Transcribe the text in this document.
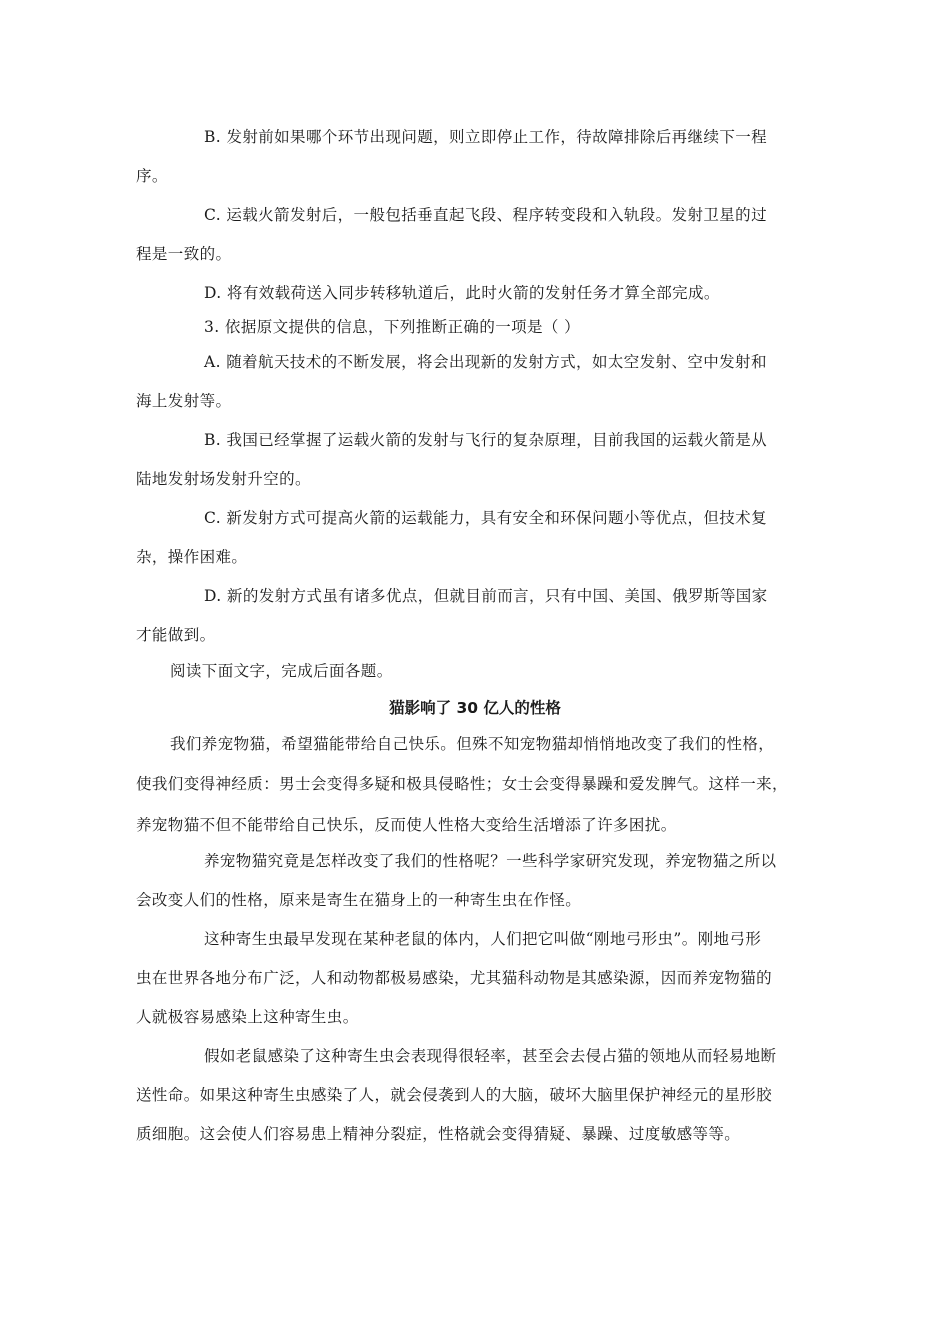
B. 发射前如果哪个环节出现问题，则立即停止工作，待故障排除后再继续下一程
序。
C. 运载火箭发射后，一般包括垂直起飞段、程序转变段和入轨段。发射卫星的过
程是一致的。
D. 将有效载荷送入同步转移轨道后，此时火箭的发射任务才算全部完成。
3. 依据原文提供的信息，下列推断正确的一项是（ ）
A. 随着航天技术的不断发展，将会出现新的发射方式，如太空发射、空中发射和
海上发射等。
B. 我国已经掌握了运载火箭的发射与飞行的复杂原理，目前我国的运载火箭是从
陆地发射场发射升空的。
C. 新发射方式可提高火箭的运载能力，具有安全和环保问题小等优点，但技术复
杂，操作困难。
D. 新的发射方式虽有诸多优点，但就目前而言，只有中国、美国、俄罗斯等国家
才能做到。
阅读下面文字，完成后面各题。
猫影响了 30 亿人的性格
我们养宠物猫，希望猫能带给自己快乐。但殊不知宠物猫却悄悄地改变了我们的性格，
使我们变得神经质：男士会变得多疑和极具侵略性；女士会变得暴躁和爱发脾气。这样一来，
养宠物猫不但不能带给自己快乐，反而使人性格大变给生活增添了许多困扰。
养宠物猫究竟是怎样改变了我们的性格呢？一些科学家研究发现，养宠物猫之所以
会改变人们的性格，原来是寄生在猫身上的一种寄生虫在作怪。
这种寄生虫最早发现在某种老鼠的体内，人们把它叫做“刚地弓形虫”。刚地弓形
虫在世界各地分布广泛，人和动物都极易感染，尤其猫科动物是其感染源，因而养宠物猫的
人就极容易感染上这种寄生虫。
假如老鼠感染了这种寄生虫会表现得很轻率，甚至会去侵占猫的领地从而轻易地断
送性命。如果这种寄生虫感染了人，就会侵袭到人的大脑，破坏大脑里保护神经元的星形胶
质细胞。这会使人们容易患上精神分裂症，性格就会变得猜疑、暴躁、过度敏感等等。
